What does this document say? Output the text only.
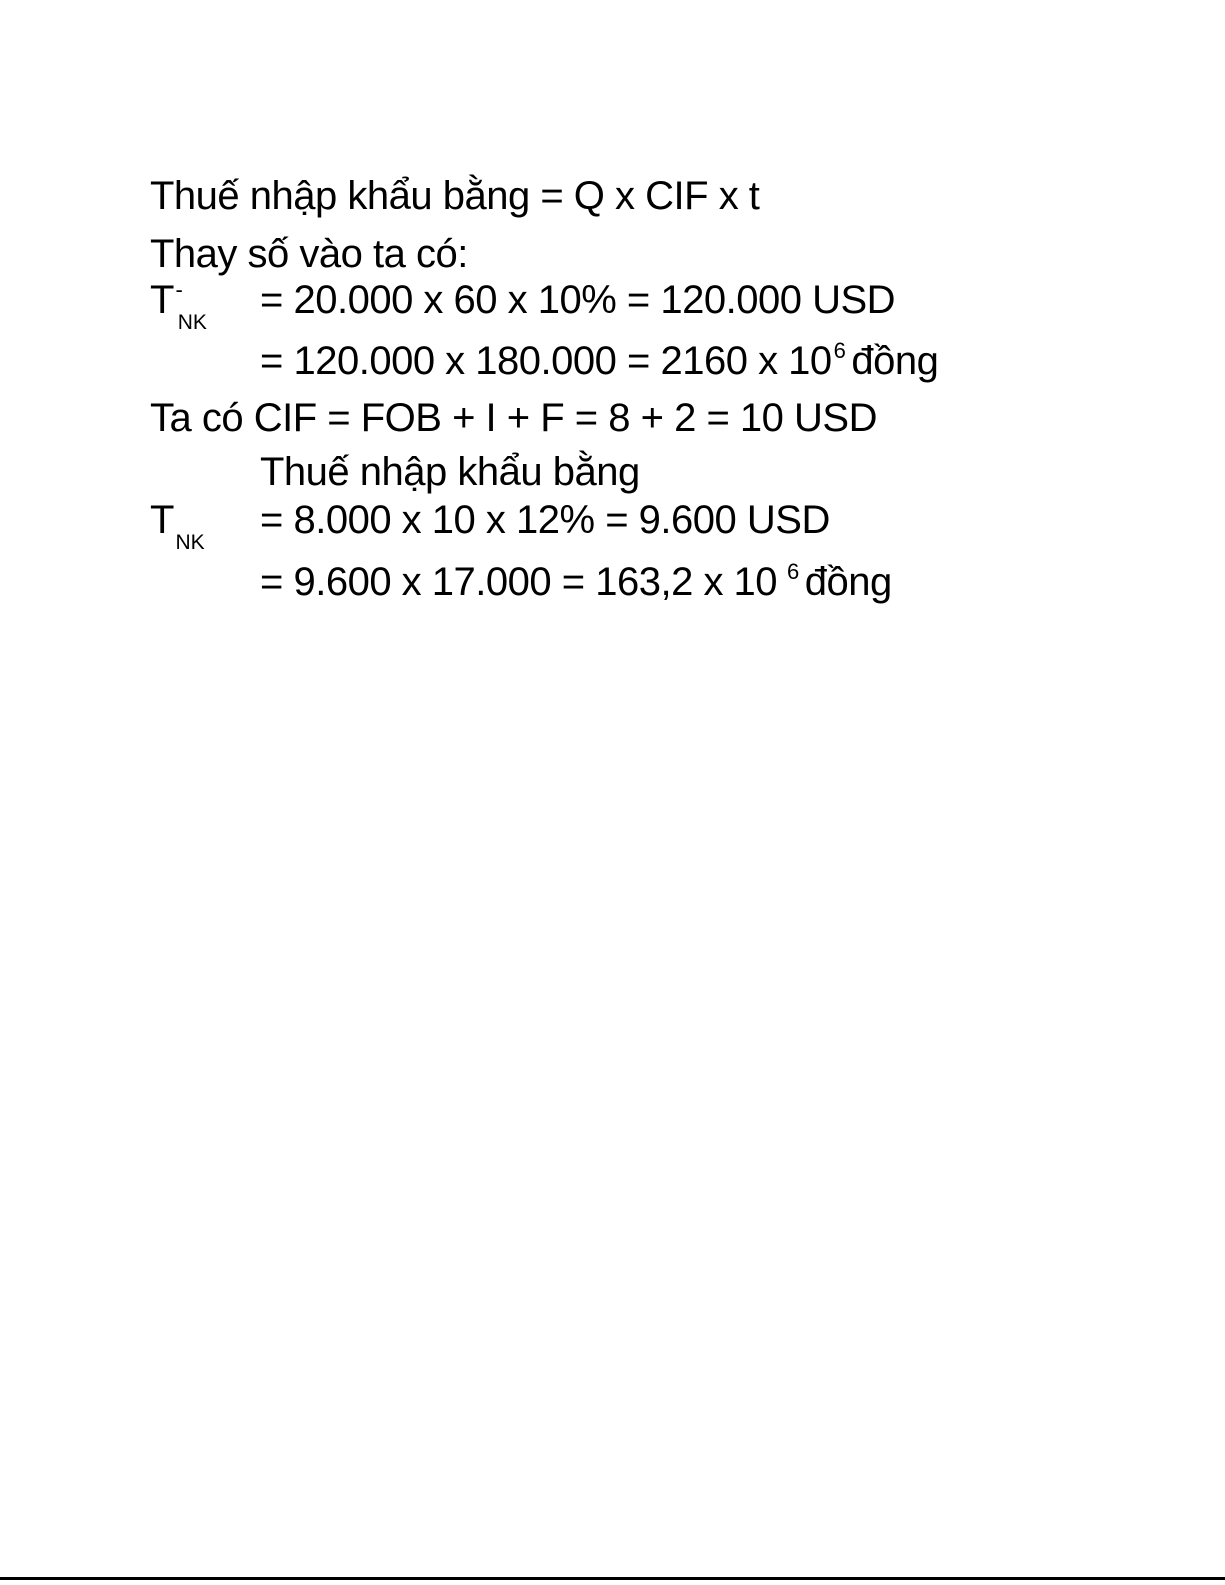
Thuế nhập khẩu bằng = Q x CIF x t
Thay số vào ta có:
$T^-_{NK}$
= 20.000 x 60 x 10% = 120.000 USD
= 120.000 x 180.000 = 2160 x $10^6$ đồng
Ta có CIF = FOB + I + F = 8 + 2 = 10 USD
Thuế nhập khẩu bằng
$T_{NK}$
= 8.000 x 10 x 12% = 9.600 USD
= 9.600 x 17.000 = 163,2 x 10 $^6$ đồng
